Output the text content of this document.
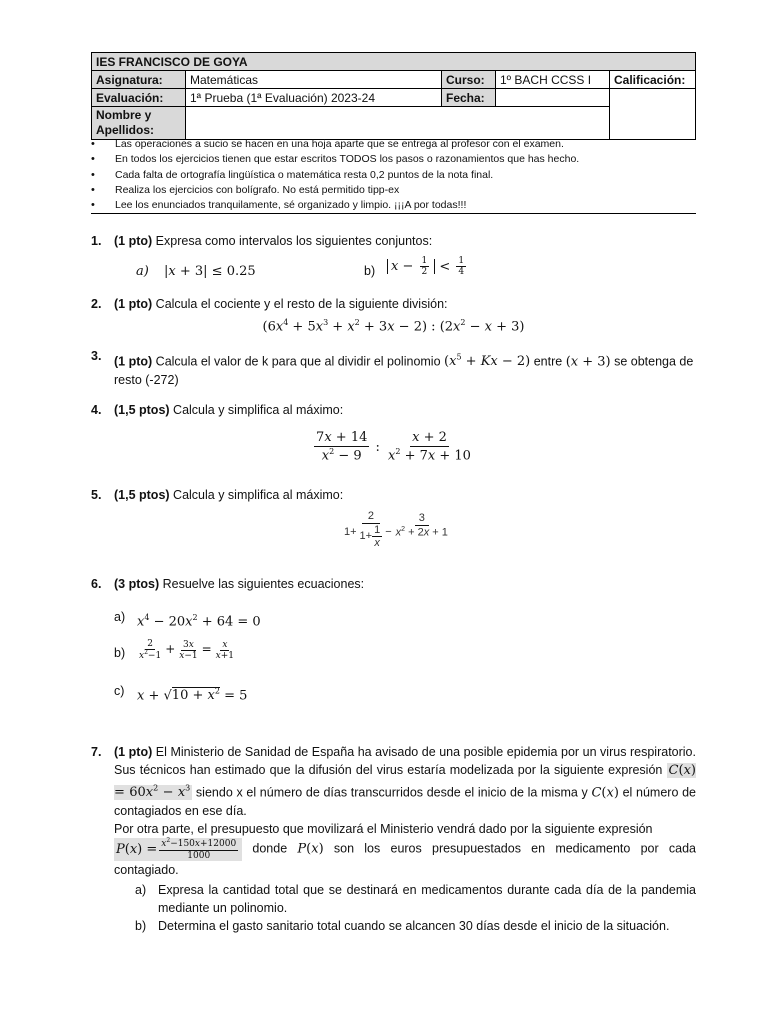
IES FRANCISCO DE GOYA				
Asignatura:	Matemáticas	Curso:	1º BACH CCSS I	Calificación:
Evaluación:	1ª Prueba (1ª Evaluación) 2023-24	Fecha:		
Nombre y Apellidos:				
• Las operaciones a sucio se hacen en una hoja aparte que se entrega al profesor con el examen.
• En todos los ejercicios tienen que estar escritos TODOS los pasos o razonamientos que has hecho.
• Cada falta de ortografía lingüística o matemática resta 0,2 puntos de la nota final.
• Realiza los ejercicios con bolígrafo. No está permitido tipp-ex
• Lee los enunciados tranquilamente, sé organizado y limpio. ¡¡¡A por todas!!!
1. (1 pto) Expresa como intervalos los siguientes conjuntos:
a) |x + 3| ≤ 0.25	b)	$x - \frac{1}{2} < \frac{1}{4}$
2. (1 pto) Calcula el cociente y el resto de la siguiente división:
$(6x^4 + 5x^3 + x^2 + 3x - 2)$ : $(2x^2 - x + 3)$
3. (1 pto) Calcula el valor de k para que al dividir el polinomio $(x^5 + Kx - 2)$ entre (x + 3) se obtenga de resto (-272)
4. (1,5 ptos) Calcula y simplifica al máximo:
$\frac{7x + 14}{x^2 - 9}$ : $\frac{x + 2}{x^2 + 7x + 10}$
5. (1,5 ptos) Calcula y simplifica al máximo:
$1+ \frac{2}{1+ \frac{1}{x}} - \frac{3}{x^2 + 2x + 1}$
6. (3 ptos) Resuelve las siguientes ecuaciones:
a) $x^4 - 20x^2 + 64 = 0$
$b) \frac{2}{x^2-1} + \frac{3x}{x-1} = \frac{x}{x+1}$
c) $x + √10 + x^2 = 5$
7. (1 pto) El Ministerio de Sanidad de España ha avisado de una posible epidemia por un virus respiratorio. Sus técnicos han estimado que la difusión del virus estaría modelizada por la siguiente expresión $C(x) = 60x^2 - x^3$ siendo x el número de días transcurridos desde el inicio de la misma y C(x) el número de contagiados en ese día.
Por otra parte, el presupuesto que movilizará el Ministerio vendrá dado por la siguiente expresión

P ( x ) = $\frac{x^2-150x+12000}{1000}$ donde P(x) son los euros presupuestados en medicamento por cada contagiado.
a) Expresa la cantidad total que se destinará en medicamentos durante cada día de la pandemia mediante un polinomio.
b) Determina el gasto sanitario total cuando se alcancen 30 días desde el inicio de la situación.
